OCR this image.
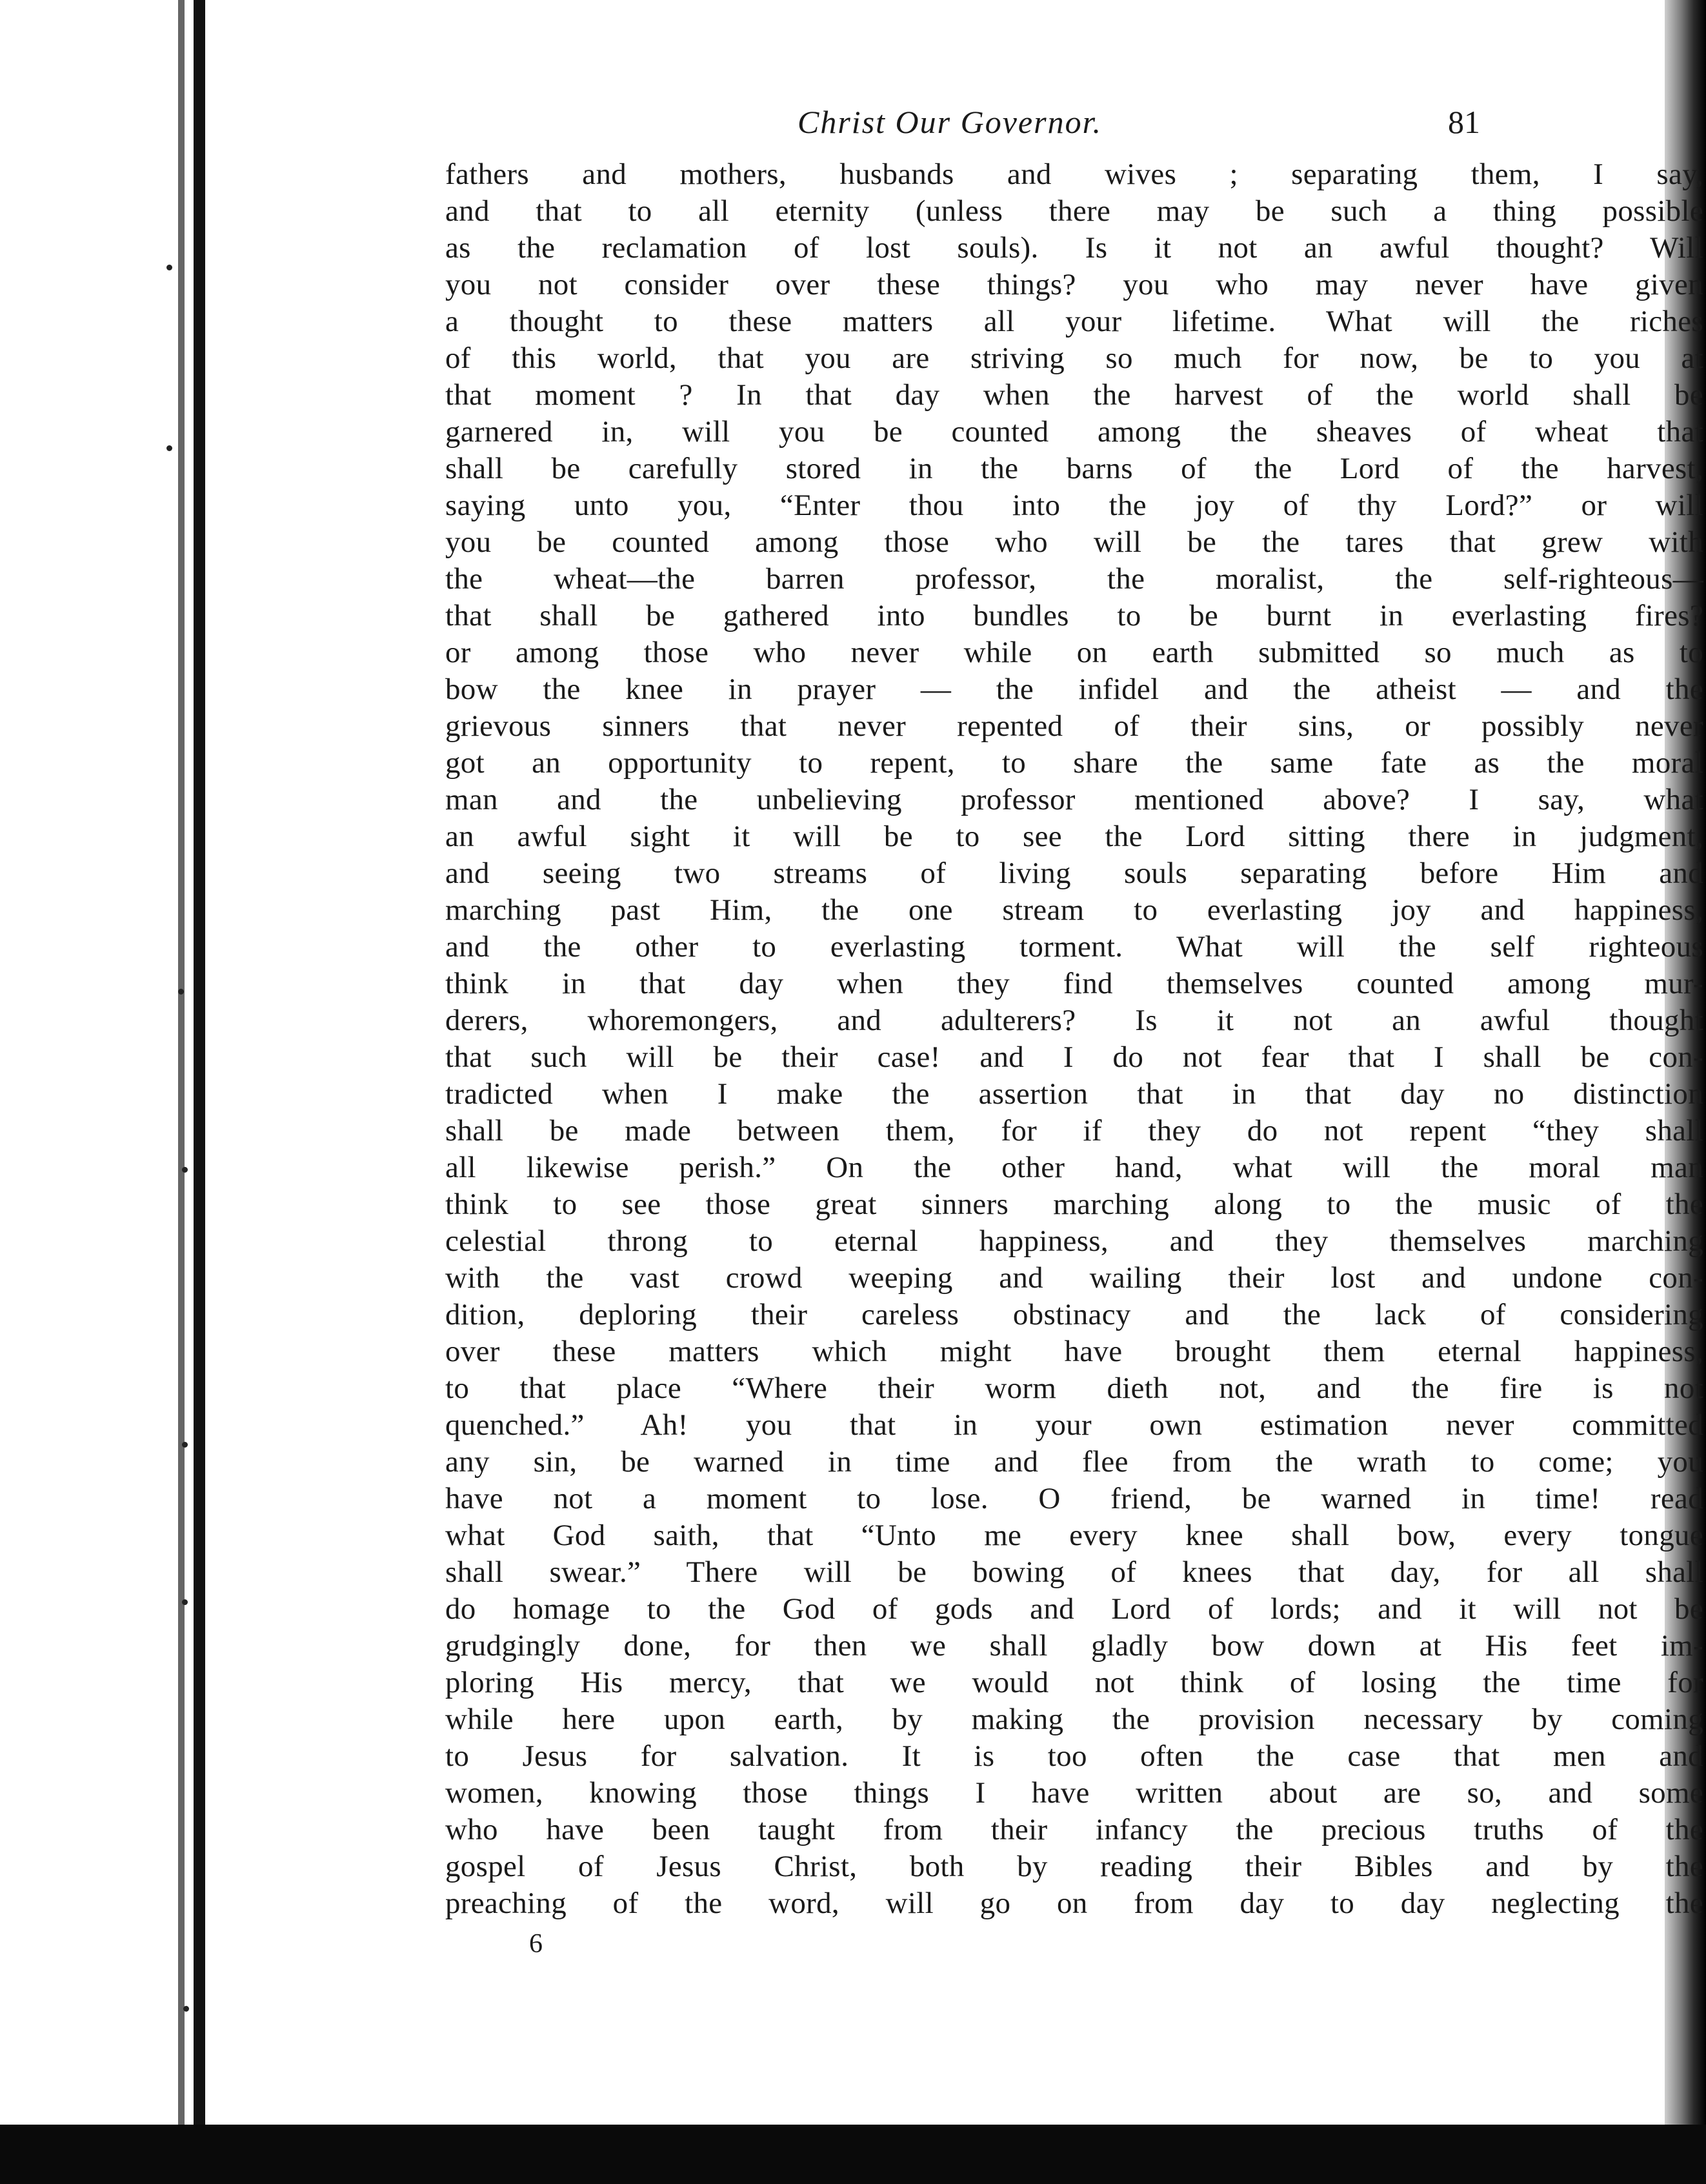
Christ Our Governor.	81
fathers and mothers, husbands and wives ; separating them, I say,
and that to all eternity (unless there may be such a thing possible
as the reclamation of lost souls). Is it not an awful thought? Will
you not consider over these things? you who may never have given
a thought to these matters all your lifetime. What will the riches
of this world, that you are striving so much for now, be to you at
that moment ? In that day when the harvest of the world shall be
garnered in, will you be counted among the sheaves of wheat that
shall be carefully stored in the barns of the Lord of the harvest,
saying unto you, “Enter thou into the joy of thy Lord?” or will
you be counted among those who will be the tares that grew with
the wheat—the barren professor, the moralist, the self-righteous—
that shall be gathered into bundles to be burnt in everlasting fires?
or among those who never while on earth submitted so much as to
bow the knee in prayer — the infidel and the atheist — and the
grievous sinners that never repented of their sins, or possibly never
got an opportunity to repent, to share the same fate as the moral
man and the unbelieving professor mentioned above? I say, what
an awful sight it will be to see the Lord sitting there in judgment,
and seeing two streams of living souls separating before Him and
marching past Him, the one stream to everlasting joy and happiness,
and the other to everlasting torment. What will the self righteous
think in that day when they find themselves counted among mur-
derers, whoremongers, and adulterers? Is it not an awful thought
that such will be their case! and I do not fear that I shall be con-
tradicted when I make the assertion that in that day no distinction
shall be made between them, for if they do not repent “they shall
all likewise perish.” On the other hand, what will the moral man
think to see those great sinners marching along to the music of the
celestial throng to eternal happiness, and they themselves marching
with the vast crowd weeping and wailing their lost and undone con-
dition, deploring their careless obstinacy and the lack of considering
over these matters which might have brought them eternal happiness,
to that place “Where their worm dieth not, and the fire is not
quenched.” Ah! you that in your own estimation never committed
any sin, be warned in time and flee from the wrath to come; you
have not a moment to lose. O friend, be warned in time! read
what God saith, that “Unto me every knee shall bow, every tongue
shall swear.” There will be bowing of knees that day, for all shall
do homage to the God of gods and Lord of lords; and it will not be
grudgingly done, for then we shall gladly bow down at His feet im-
ploring His mercy, that we would not think of losing the time for
while here upon earth, by making the provision necessary by coming
to Jesus for salvation. It is too often the case that men and
women, knowing those things I have written about are so, and some
who have been taught from their infancy the precious truths of the
gospel of Jesus Christ, both by reading their Bibles and by the
preaching of the word, will go on from day to day neglecting the
6
